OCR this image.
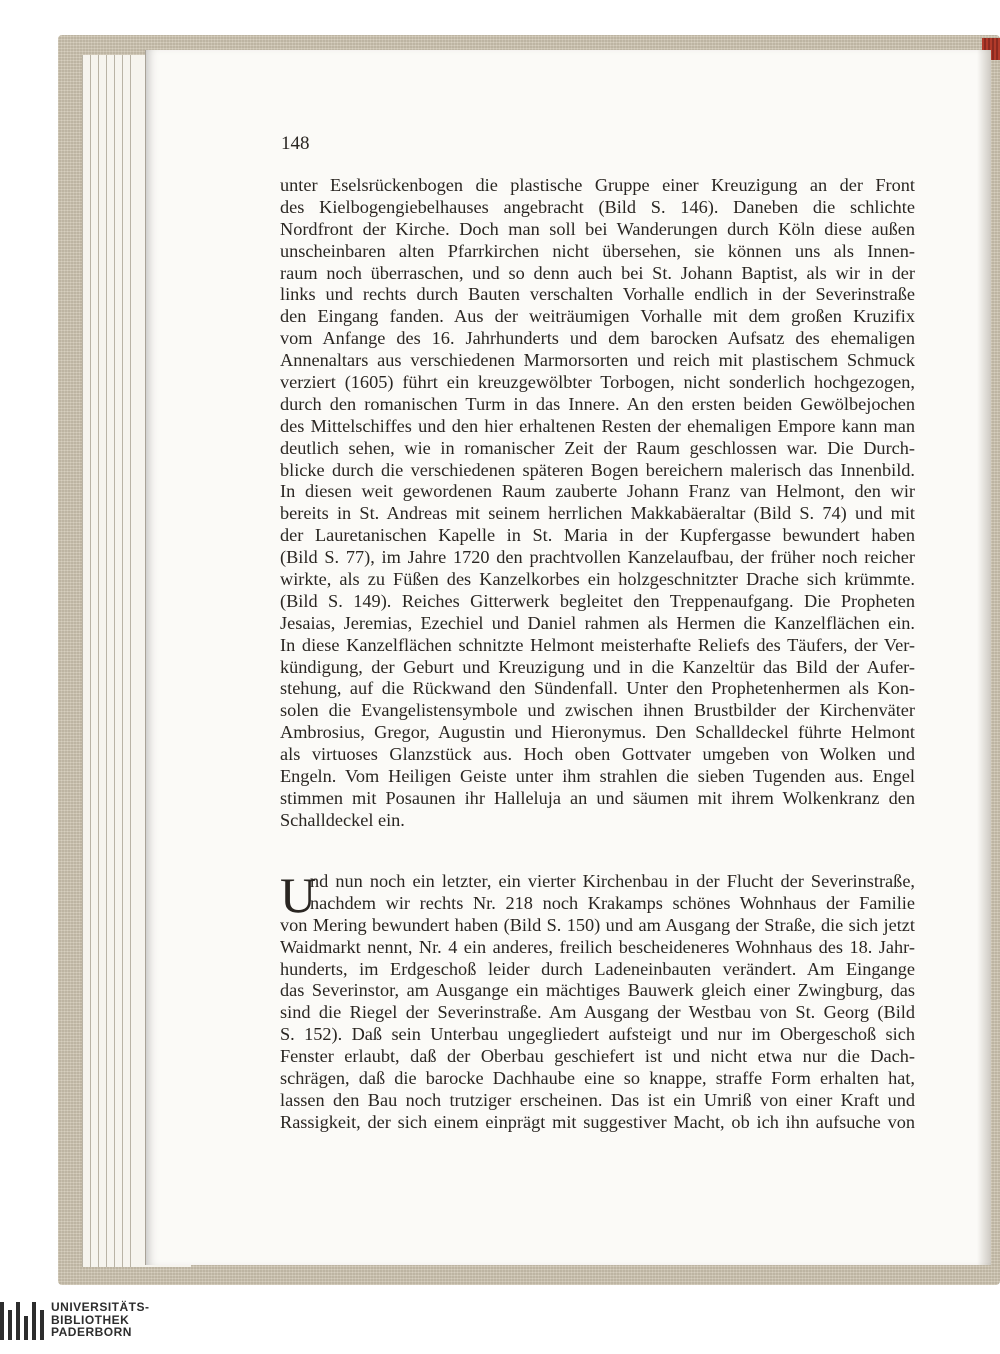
148
unter Eselsrückenbogen die plastische Gruppe einer Kreuzigung an der Front
des Kielbogengiebelhauses angebracht (Bild S. 146). Daneben die schlichte
Nordfront der Kirche. Doch man soll bei Wanderungen durch Köln diese außen
unscheinbaren alten Pfarrkirchen nicht übersehen, sie können uns als Innen-
raum noch überraschen, und so denn auch bei St. Johann Baptist, als wir in der
links und rechts durch Bauten verschalten Vorhalle endlich in der Severinstraße
den Eingang fanden. Aus der weiträumigen Vorhalle mit dem großen Kruzifix
vom Anfange des 16. Jahrhunderts und dem barocken Aufsatz des ehemaligen
Annenaltars aus verschiedenen Marmorsorten und reich mit plastischem Schmuck
verziert (1605) führt ein kreuzgewölbter Torbogen, nicht sonderlich hochgezogen,
durch den romanischen Turm in das Innere. An den ersten beiden Gewölbejochen
des Mittelschiffes und den hier erhaltenen Resten der ehemaligen Empore kann man
deutlich sehen, wie in romanischer Zeit der Raum geschlossen war. Die Durch-
blicke durch die verschiedenen späteren Bogen bereichern malerisch das Innenbild.
In diesen weit gewordenen Raum zauberte Johann Franz van Helmont, den wir
bereits in St. Andreas mit seinem herrlichen Makkabäeraltar (Bild S. 74) und mit
der Lauretanischen Kapelle in St. Maria in der Kupfergasse bewundert haben
(Bild S. 77), im Jahre 1720 den prachtvollen Kanzelaufbau, der früher noch reicher
wirkte, als zu Füßen des Kanzelkorbes ein holzgeschnitzter Drache sich krümmte.
(Bild S. 149). Reiches Gitterwerk begleitet den Treppenaufgang. Die Propheten
Jesaias, Jeremias, Ezechiel und Daniel rahmen als Hermen die Kanzelflächen ein.
In diese Kanzelflächen schnitzte Helmont meisterhafte Reliefs des Täufers, der Ver-
kündigung, der Geburt und Kreuzigung und in die Kanzeltür das Bild der Aufer-
stehung, auf die Rückwand den Sündenfall. Unter den Prophetenhermen als Kon-
solen die Evangelistensymbole und zwischen ihnen Brustbilder der Kirchenväter
Ambrosius, Gregor, Augustin und Hieronymus. Den Schalldeckel führte Helmont
als virtuoses Glanzstück aus. Hoch oben Gottvater umgeben von Wolken und
Engeln. Vom Heiligen Geiste unter ihm strahlen die sieben Tugenden aus. Engel
stimmen mit Posaunen ihr Halleluja an und säumen mit ihrem Wolkenkranz den
Schalldeckel ein.
U
nd nun noch ein letzter, ein vierter Kirchenbau in der Flucht der Severinstraße,
nachdem wir rechts Nr. 218 noch Krakamps schönes Wohnhaus der Familie
von Mering bewundert haben (Bild S. 150) und am Ausgang der Straße, die sich jetzt
Waidmarkt nennt, Nr. 4 ein anderes, freilich bescheideneres Wohnhaus des 18. Jahr-
hunderts, im Erdgeschoß leider durch Ladeneinbauten verändert. Am Eingange
das Severinstor, am Ausgange ein mächtiges Bauwerk gleich einer Zwingburg, das
sind die Riegel der Severinstraße. Am Ausgang der Westbau von St. Georg (Bild
S. 152). Daß sein Unterbau ungegliedert aufsteigt und nur im Obergeschoß sich
Fenster erlaubt, daß der Oberbau geschiefert ist und nicht etwa nur die Dach-
schrägen, daß die barocke Dachhaube eine so knappe, straffe Form erhalten hat,
lassen den Bau noch trutziger erscheinen. Das ist ein Umriß von einer Kraft und
Rassigkeit, der sich einem einprägt mit suggestiver Macht, ob ich ihn aufsuche von
UNIVERSITÄTS-
BIBLIOTHEK
PADERBORN
